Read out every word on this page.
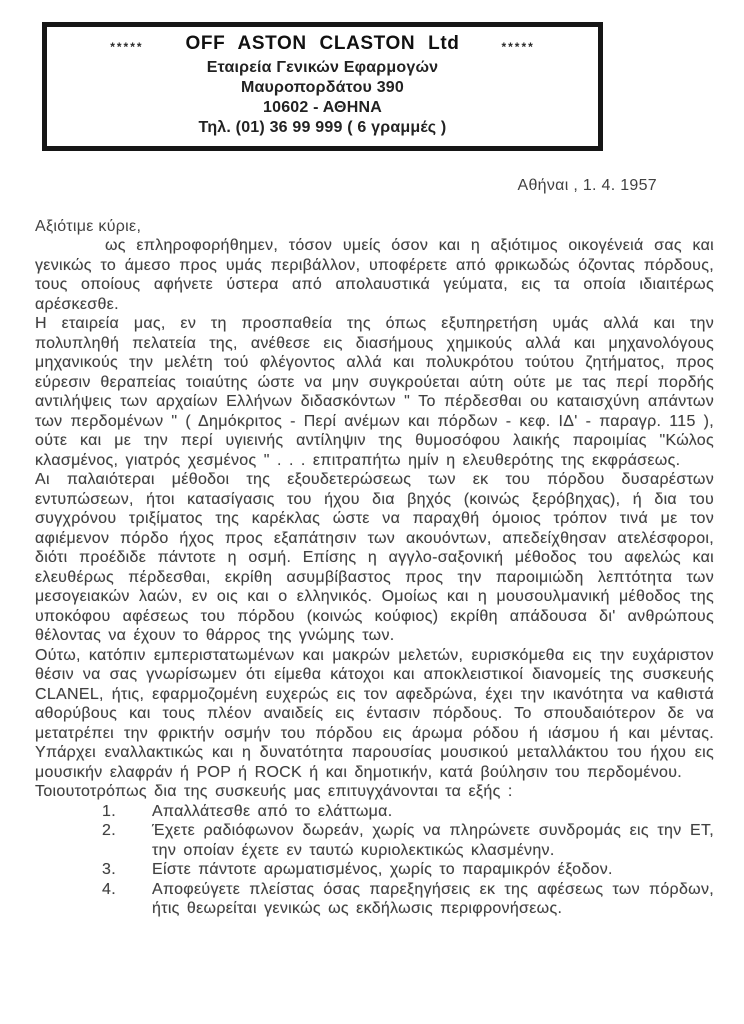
***** OFF ASTON CLASTON Ltd	*****
Εταιρεία Γενικών Εφαρμογών
Μαυροπορδάτου 390
10602 - ΑΘΗΝΑ
Τηλ. (01) 36 99 999 ( 6 γραμμές )
Αθήναι , 1. 4. 1957
Αξιότιμε κύριε,

ως επληροφορήθημεν, τόσον υμείς όσον και η αξιότιμος οικογένειά σας και γενικώς το άμεσο προς υμάς περιβάλλον, υποφέρετε από φρικωδώς όζοντας πόρδους, τους οποίους αφήνετε ύστερα από απολαυστικά γεύματα, εις τα οποία ιδιαιτέρως αρέσκεσθε.

Η εταιρεία μας, εν τη προσπαθεία της όπως εξυπηρετήση υμάς αλλά και την πολυπληθή πελατεία της, ανέθεσε εις διασήμους χημικούς αλλά και μηχανολόγους μηχανικούς την μελέτη τού φλέγοντος αλλά και πολυκρότου τούτου ζητήματος, προς εύρεσιν θεραπείας τοιαύτης ώστε να μην συγκρούεται αύτη ούτε με τας περί πορδής αντιλήψεις των αρχαίων Ελλήνων διδασκόντων " Το πέρδεσθαι ου καταισχύνη απάντων των περδομένων " ( Δημόκριτος - Περί ανέμων και πόρδων - κεφ. ΙΔ' - παραγρ. 115 ), ούτε και με την περί υγιεινής αντίληψιν της θυμοσόφου λαικής παροιμίας "Κώλος κλασμένος, γιατρός χεσμένος " . . . επιτραπήτω ημίν η ελευθερότης της εκφράσεως.

Αι παλαιότεραι μέθοδοι της εξουδετερώσεως των εκ του πόρδου δυσαρέστων εντυπώσεων, ήτοι κατασίγασις του ήχου δια βηχός (κοινώς ξερόβηχας), ή δια του συγχρόνου τριξίματος της καρέκλας ώστε να παραχθή όμοιος τρόπον τινά με τον αφιέμενον πόρδο ήχος προς εξαπάτησιν των ακουόντων, απεδείχθησαν ατελέσφοροι, διότι προέδιδε πάντοτε η οσμή. Επίσης η αγγλο-σαξονική μέθοδος του αφελώς και ελευθέρως πέρδεσθαι, εκρίθη ασυμβίβαστος προς την παροιμιώδη λεπτότητα των μεσογειακών λαών, εν οις και ο ελληνικός. Ομοίως και η μουσουλμανική μέθοδος της υποκόφου αφέσεως του πόρδου (κοινώς κούφιος) εκρίθη απάδουσα δι' ανθρώπους θέλοντας να έχουν το θάρρος της γνώμης των.

Ούτω, κατόπιν εμπεριστατωμένων και μακρών μελετών, ευρισκόμεθα εις την ευχάριστον θέσιν να σας γνωρίσωμεν ότι είμεθα κάτοχοι και αποκλειστικοί διανομείς της συσκευής CLANEL, ήτις, εφαρμοζομένη ευχερώς εις τον αφεδρώνα, έχει την ικανότητα να καθιστά αθορύβους και τους πλέον αναιδείς εις έντασιν πόρδους. Το σπουδαιότερον δε να μετατρέπει την φρικτήν οσμήν του πόρδου εις άρωμα ρόδου ή ιάσμου ή και μέντας. Υπάρχει εναλλακτικώς και η δυνατότητα παρουσίας μουσικού μεταλλάκτου του ήχου εις μουσικήν ελαφράν ή POP ή ROCK ή και δημοτικήν, κατά βούλησιν του περδομένου.

Τοιουτοτρόπως δια της συσκευής μας επιτυγχάνονται τα εξής :

1.	Απαλλάτεσθε από το ελάττωμα.
2.	Έχετε ραδιόφωνον δωρεάν, χωρίς να πληρώνετε συνδρομάς εις την ΕΤ, την οποίαν έχετε εν ταυτώ κυριολεκτικώς κλασμένην.
3.	Είστε πάντοτε αρωματισμένος, χωρίς το παραμικρόν έξοδον.
4.	Αποφεύγετε πλείστας όσας παρεξηγήσεις εκ της αφέσεως των πόρδων, ήτις θεωρείται γενικώς ως εκδήλωσις περιφρονήσεως.
